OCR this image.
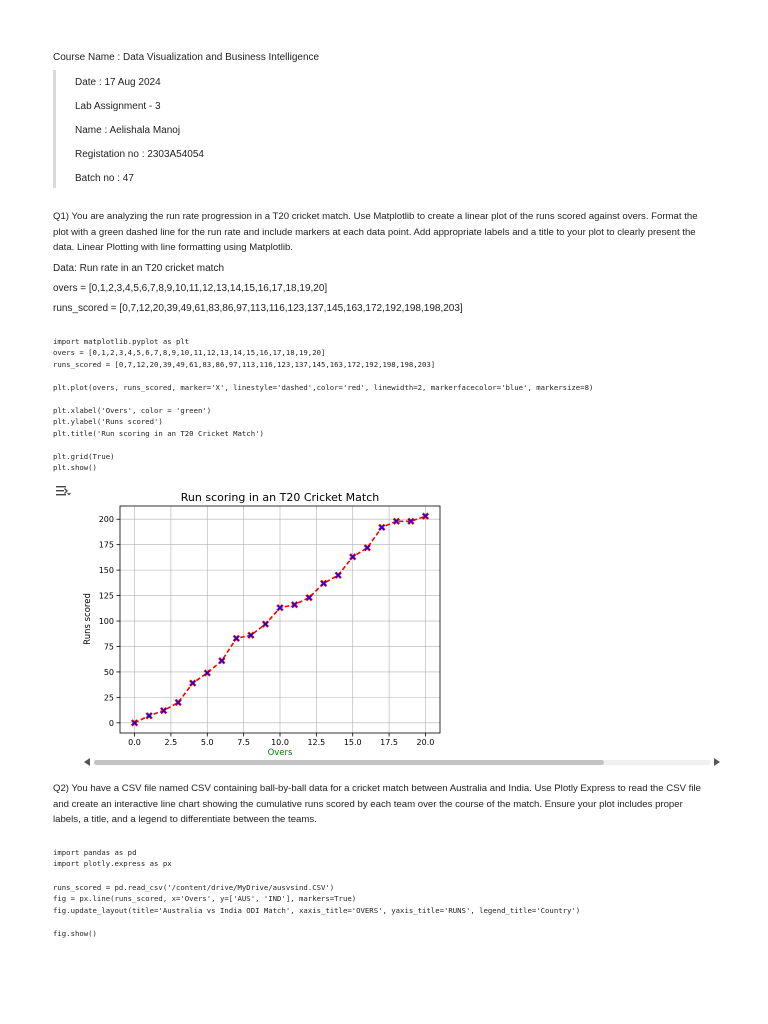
Course Name : Data Visualization and Business Intelligence
Date : 17 Aug 2024
Lab Assignment - 3
Name : Aelishala Manoj
Registation no : 2303A54054
Batch no : 47
Q1) You are analyzing the run rate progression in a T20 cricket match. Use Matplotlib to create a linear plot of the runs scored against overs. Format the plot with a green dashed line for the run rate and include markers at each data point. Add appropriate labels and a title to your plot to clearly present the data. Linear Plotting with line formatting using Matplotlib.
Data: Run rate in an T20 cricket match
overs = [0,1,2,3,4,5,6,7,8,9,10,11,12,13,14,15,16,17,18,19,20]
runs_scored = [0,7,12,20,39,49,61,83,86,97,113,116,123,137,145,163,172,192,198,198,203]
import matplotlib.pyplot as plt
overs = [0,1,2,3,4,5,6,7,8,9,10,11,12,13,14,15,16,17,18,19,20]
runs_scored = [0,7,12,20,39,49,61,83,86,97,113,116,123,137,145,163,172,192,198,198,203]
plt.plot(overs, runs_scored, marker='X', linestyle='dashed',color='red', linewidth=2, markerfacecolor='blue', markersize=8)
plt.xlabel('Overs', color = 'green')
plt.ylabel('Runs scored')
plt.title('Run scoring in an T20 Cricket Match')
plt.grid(True)
plt.show()
0.0	2.5	5.0	7.5	10.0 12.5 15.0 17.5 20.0
0
25
50
75
100
125
150
175
200
Run scoring in an T20 Cricket Match
Overs
Runs scored
Q2) You have a CSV file named CSV containing ball-by-ball data for a cricket match between Australia and India. Use Plotly Express to read the CSV file and create an interactive line chart showing the cumulative runs scored by each team over the course of the match. Ensure your plot includes proper labels, a title, and a legend to differentiate between the teams.
import pandas as pd
import plotly.express as px
runs_scored = pd.read_csv('/content/drive/MyDrive/ausvsind.CSV')
fig = px.line(runs_scored, x='Overs', y=['AUS', 'IND'], markers=True)
fig.update_layout(title='Australia vs India ODI Match', xaxis_title='OVERS', yaxis_title='RUNS', legend_title='Country')
fig.show()
